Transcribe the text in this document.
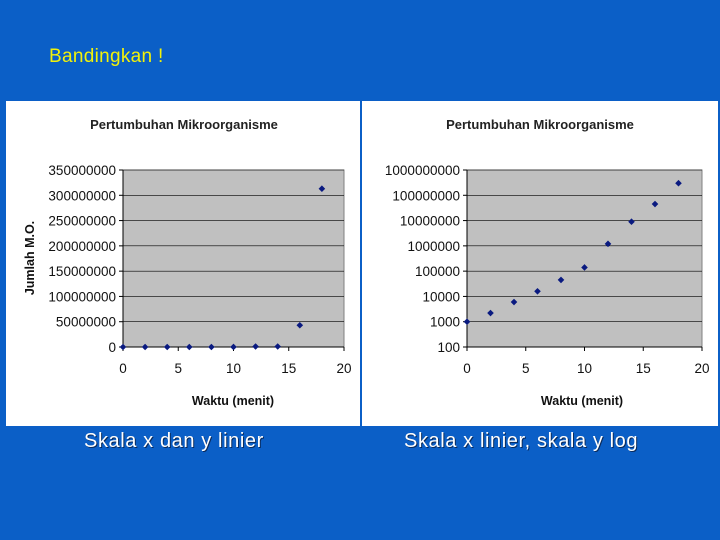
Bandingkan !
Pertumbuhan Mikroorganisme
0
50000000
100000000
150000000
200000000
250000000
300000000
350000000
0	5	10	15	20
Waktu (menit)
Jumlah M.O.
Pertumbuhan Mikroorganisme
100
1000
10000
100000
1000000
10000000
100000000
1000000000
0	5	10	15	20
Waktu (menit)
Skala x dan y linier	Skala x linier, skala y log
